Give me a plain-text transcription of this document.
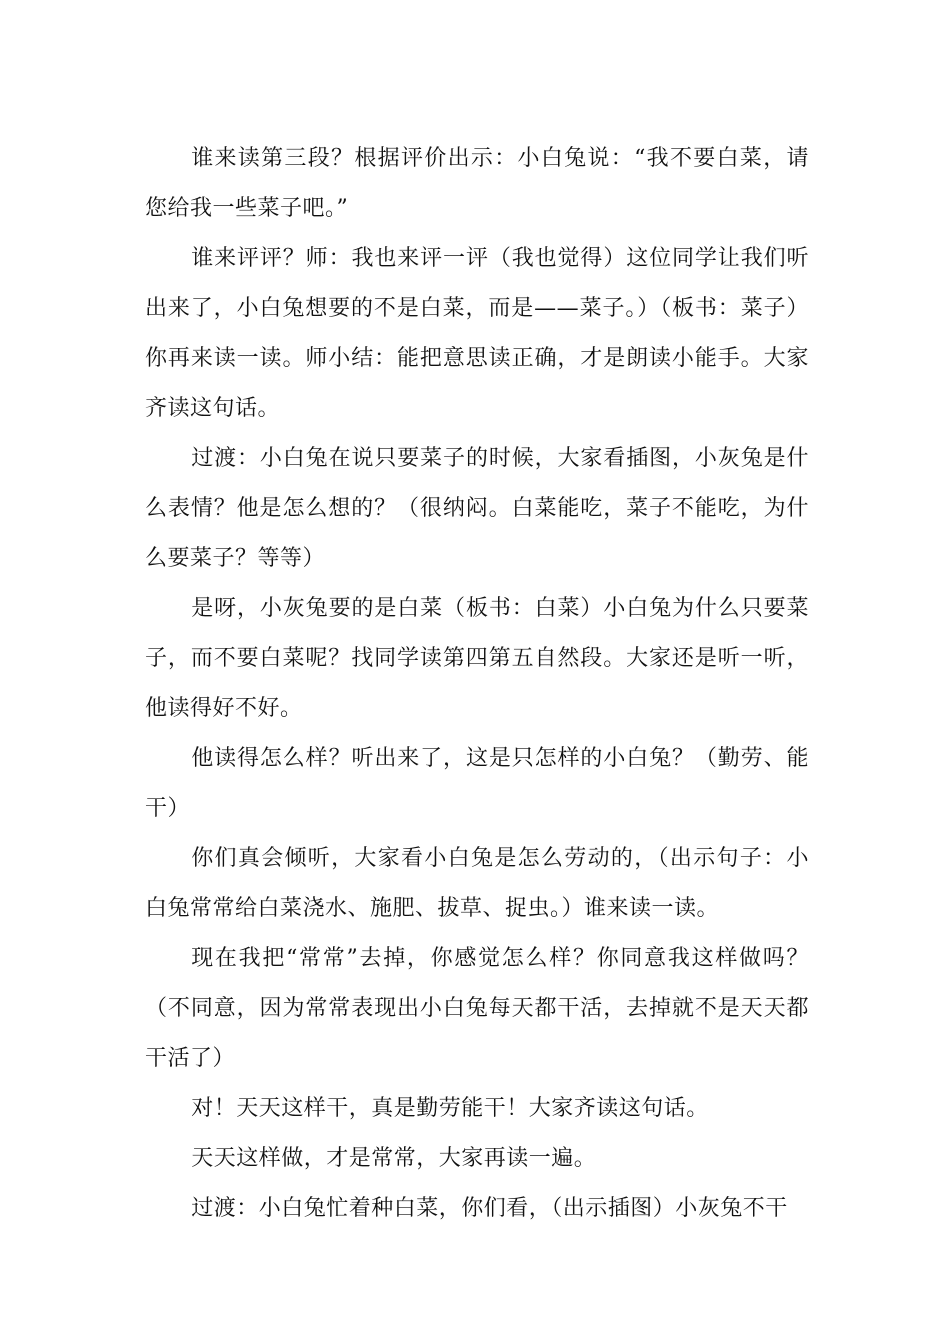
谁来读第三段？根据评价出示：小白兔说：“我不要白菜，请您给我一些菜子吧。”

谁来评评？师：我也来评一评（我也觉得）这位同学让我们听出来了，小白兔想要的不是白菜，而是——菜子。）（板书：菜子）你再来读一读。师小结：能把意思读正确，才是朗读小能手。大家齐读这句话。

过渡：小白兔在说只要菜子的时候，大家看插图，小灰兔是什么表情？他是怎么想的？（很纳闷。白菜能吃，菜子不能吃，为什么要菜子？等等）

是呀，小灰兔要的是白菜（板书：白菜）小白兔为什么只要菜子，而不要白菜呢？找同学读第四第五自然段。大家还是听一听，他读得好不好。

他读得怎么样？听出来了，这是只怎样的小白兔？（勤劳、能干）

你们真会倾听，大家看小白兔是怎么劳动的，（出示句子：小白兔常常给白菜浇水、施肥、拔草、捉虫。）谁来读一读。

现在我把“常常”去掉，你感觉怎么样？你同意我这样做吗？（不同意，因为常常表现出小白兔每天都干活，去掉就不是天天都干活了）

对！天天这样干，真是勤劳能干！大家齐读这句话。

天天这样做，才是常常，大家再读一遍。

过渡：小白兔忙着种白菜，你们看，（出示插图）小灰兔不干
